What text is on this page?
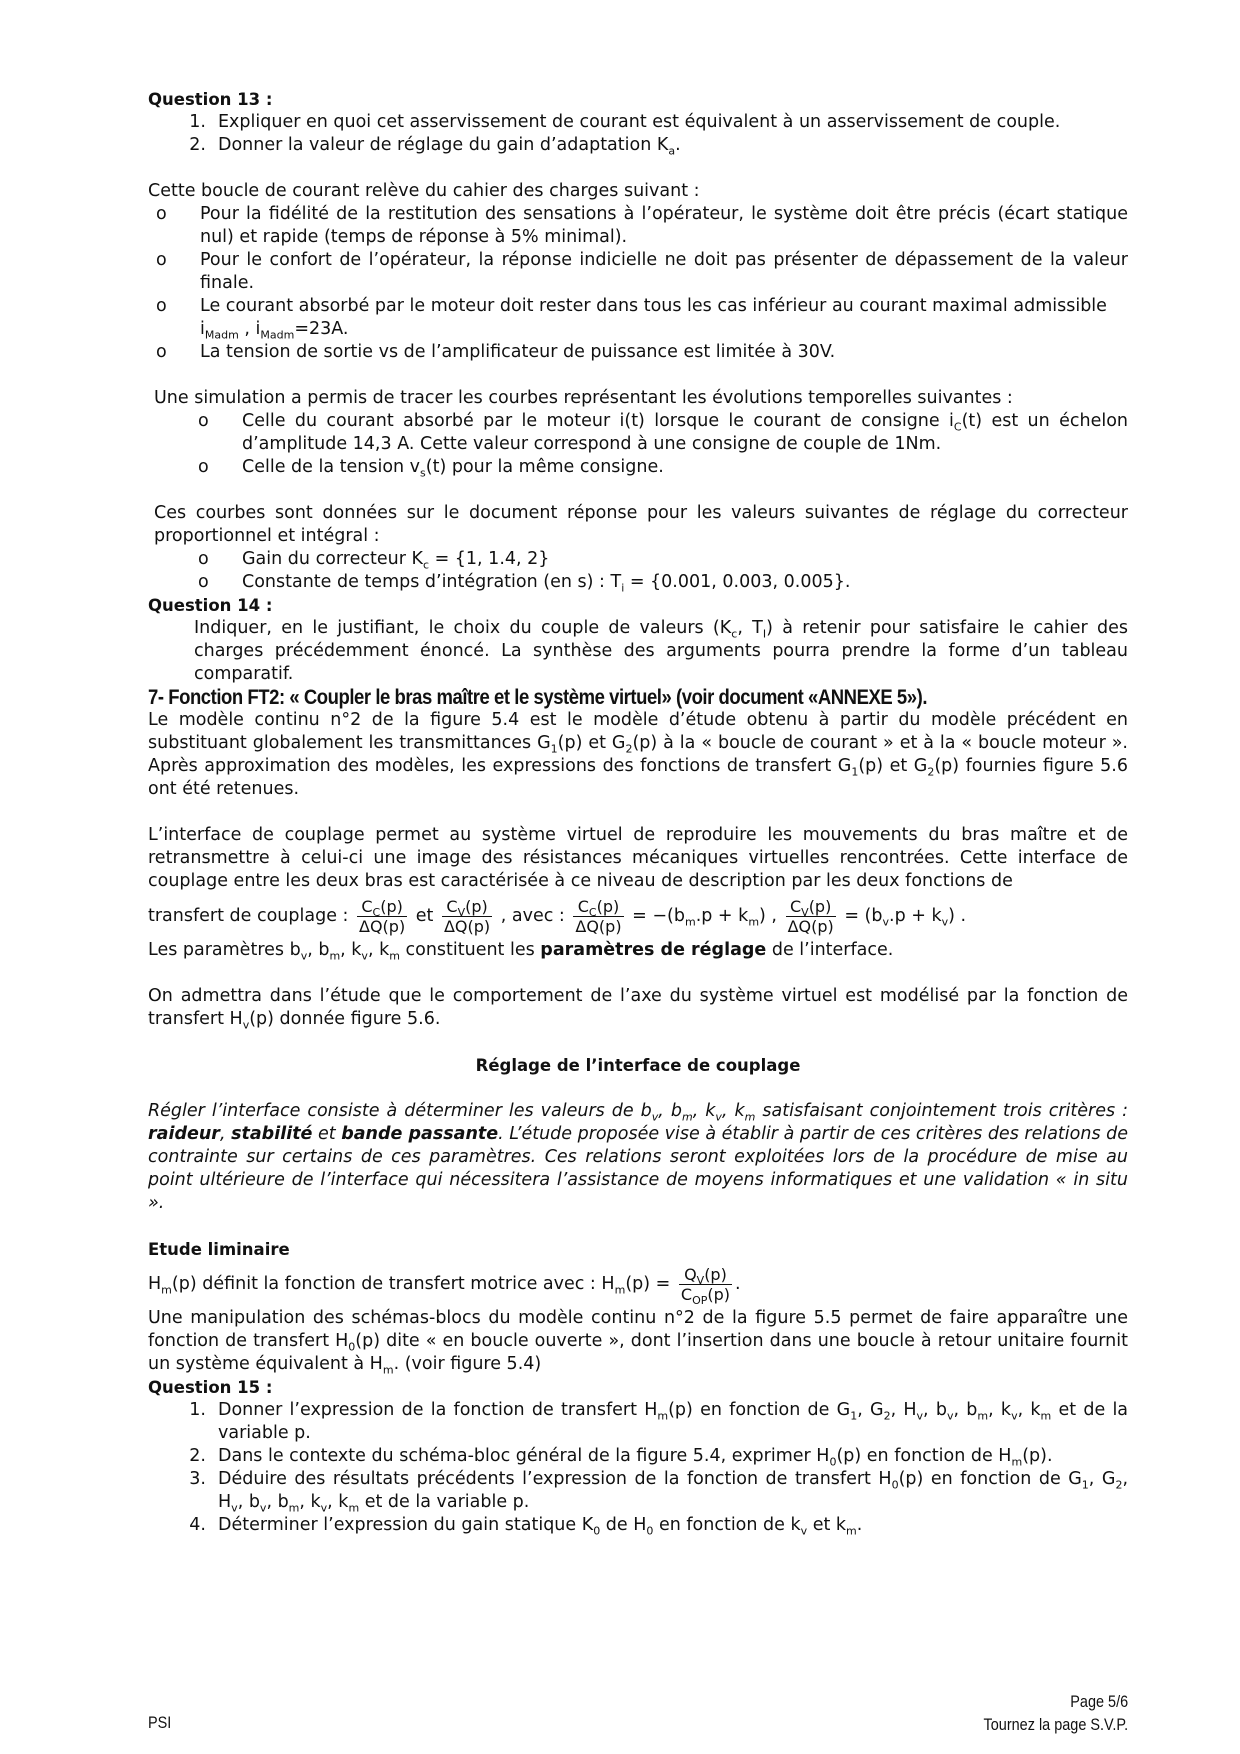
Question 13 :

1. Expliquer en quoi cet asservissement de courant est équivalent à un asservissement de couple.
2. Donner la valeur de réglage du gain d’adaptation $K_a$.

Cette boucle de courant relève du cahier des charges suivant :

o	Pour la fidélité de la restitution des sensations à l’opérateur, le système doit être précis (écart statique nul) et rapide (temps de réponse à 5% minimal).
o	Pour le confort de l’opérateur, la réponse indicielle ne doit pas présenter de dépassement de la valeur finale.
o	Le courant absorbé par le moteur doit rester dans tous les cas inférieur au courant maximal admissible
$i_{Madm}$ , $i_{Madm}=23A$.
o	La tension de sortie vs de l’amplificateur de puissance est limitée à 30V.

Une simulation a permis de tracer les courbes représentant les évolutions temporelles suivantes :

o	Celle du courant absorbé par le moteur i(t) lorsque le courant de consigne $i_C(t)$ est un échelon d’amplitude 14,3 A. Cette valeur correspond à une consigne de couple de 1Nm.
o	Celle de la tension $v_s(t)$ pour la même consigne.

Ces courbes sont données sur le document réponse pour les valeurs suivantes de réglage du correcteur proportionnel et intégral :

o	Gain du correcteur $K_c = \{1$, 1.4, 2}
o	Constante de temps d’intégration (en s) : $T_i = \{0.001$, 0.003, 0.005}.

Question 14 :

Indiquer, en le justifiant, le choix du couple de valeurs ($K_c$, $T_I$) à retenir pour satisfaire le cahier des charges précédemment énoncé. La synthèse des arguments pourra prendre la forme d’un tableau comparatif.

7- Fonction FT2: « Coupler le bras maître et le système virtuel» (voir document «ANNEXE 5»).

Le modèle continu n°2 de la figure 5.4 est le modèle d’étude obtenu à partir du modèle précédent en substituant globalement les transmittances $G_1(p)$ et $G_2(p)$ à la « boucle de courant » et à la « boucle moteur ». Après approximation des modèles, les expressions des fonctions de transfert $G_1(p)$ et $G_2(p)$ fournies figure 5.6 ont été retenues.

L’interface de couplage permet au système virtuel de reproduire les mouvements du bras maître et de retransmettre à celui-ci une image des résistances mécaniques virtuelles rencontrées. Cette interface de couplage entre les deux bras est caractérisée à ce niveau de description par les deux fonctions de

transfert de couplage : $\frac{C_C(p)}{\Delta Q(p)}$ et $\frac{C_V(p)}{\Delta Q(p)}$ , avec : $\frac{C_C(p)}{\Delta Q(p)} = -(b_m.p + k_m)$ , $\frac{C_V(p)}{\Delta Q(p)} = (b_v.p + k_v)$ .

Les paramètres $b_v$, $b_m$, $k_v$, $k_m$ constituent les paramètres de réglage de l’interface.

On admettra dans l’étude que le comportement de l’axe du système virtuel est modélisé par la fonction de transfert $H_v(p)$ donnée figure 5.6.

Réglage de l’interface de couplage

Régler l’interface consiste à déterminer les valeurs de $b_v$, $b_m$, $k_v$, $k_m$ satisfaisant conjointement trois critères : raideur, stabilité et bande passante. L’étude proposée vise à établir à partir de ces critères des relations de contrainte sur certains de ces paramètres. Ces relations seront exploitées lors de la procédure de mise au point ultérieure de l’interface qui nécessitera l’assistance de moyens informatiques et une validation « in situ ».

Etude liminaire

$H_m(p)$ définit la fonction de transfert motrice avec : $H_m(p) = \frac{Q_V(p)}{C_{OP}(p)}$ .

Une manipulation des schémas-blocs du modèle continu n°2 de la figure 5.5 permet de faire apparaître une fonction de transfert $H_0(p)$ dite « en boucle ouverte », dont l’insertion dans une boucle à retour unitaire fournit un système équivalent à $H_m$. (voir figure 5.4)

Question 15 :

1. Donner l’expression de la fonction de transfert $H_m(p)$ en fonction de $G_1$, $G_2$, $H_v$, $b_v$, $b_m$, $k_v$, $k_m$ et de la variable p.
2. Dans le contexte du schéma-bloc général de la figure 5.4, exprimer $H_0(p)$ en fonction de $H_m(p)$.
3. Déduire des résultats précédents l’expression de la fonction de transfert $H_0(p)$ en fonction de $G_1$, $G_2$, $H_v$, $b_v$, $b_m$, $k_v$, $k_m$ et de la variable p.
4. Déterminer l’expression du gain statique $K_0$ de $H_0$ en fonction de $k_v$ et $k_m$.
PSI
Page 5/6
Tournez la page S.V.P.
